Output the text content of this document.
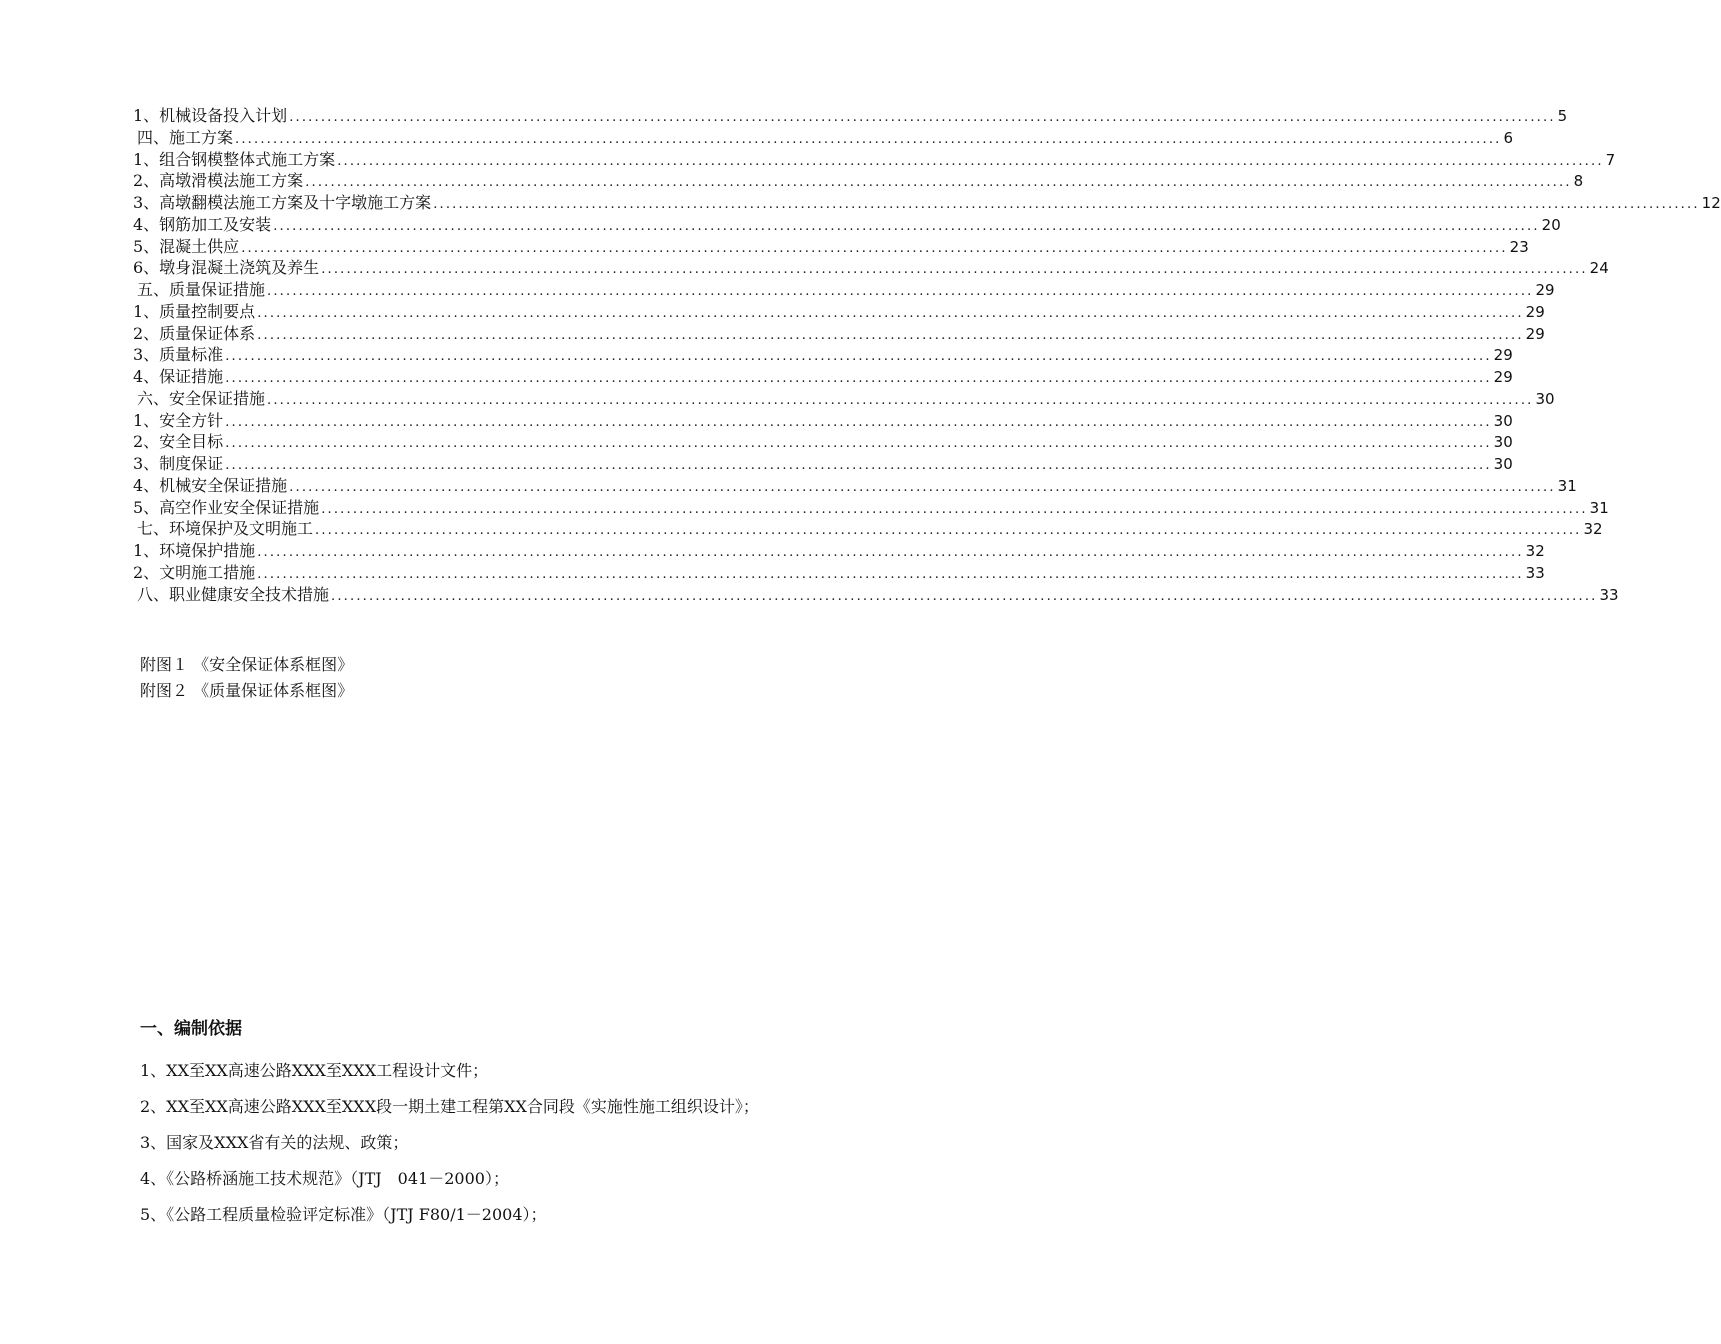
1、机械设备投入计划 ........................................................................................................................................................................................................ 5
四、施工方案 ........................................................................................................................................................................................................ 6
1、组合钢模整体式施工方案 ........................................................................................................................................................................................................ 7
2、高墩滑模法施工方案 ........................................................................................................................................................................................................ 8
3、高墩翻模法施工方案及十字墩施工方案 ........................................................................................................................................................................................................ 12
4、钢筋加工及安装 ........................................................................................................................................................................................................ 20
5、混凝土供应 ........................................................................................................................................................................................................ 23
6、墩身混凝土浇筑及养生 ........................................................................................................................................................................................................ 24
五、质量保证措施 ........................................................................................................................................................................................................ 29
1、质量控制要点 ........................................................................................................................................................................................................ 29
2、质量保证体系 ........................................................................................................................................................................................................ 29
3、质量标准 ........................................................................................................................................................................................................ 29
4、保证措施 ........................................................................................................................................................................................................ 29
六、安全保证措施 ........................................................................................................................................................................................................ 30
1、安全方针 ........................................................................................................................................................................................................ 30
2、安全目标 ........................................................................................................................................................................................................ 30
3、制度保证 ........................................................................................................................................................................................................ 30
4、机械安全保证措施 ........................................................................................................................................................................................................ 31
5、高空作业安全保证措施 ........................................................................................................................................................................................................ 31
七、环境保护及文明施工 ........................................................................................................................................................................................................ 32
1、环境保护措施 ........................................................................................................................................................................................................ 32
2、文明施工措施 ........................................................................................................................................................................................................ 33
八、职业健康安全技术措施 ........................................................................................................................................................................................................ 33
附图１ 《安全保证体系框图》
附图２ 《质量保证体系框图》
一、编制依据
1、XX至XX高速公路XXX至XXX工程设计文件；
2、XX至XX高速公路XXX至XXX段一期土建工程第XX合同段《实施性施工组织设计》；
3、国家及XXX省有关的法规、政策；
4、《公路桥涵施工技术规范》（JTJ　041－2000）；
5、《公路工程质量检验评定标准》（JTJ F80/1－2004）；
